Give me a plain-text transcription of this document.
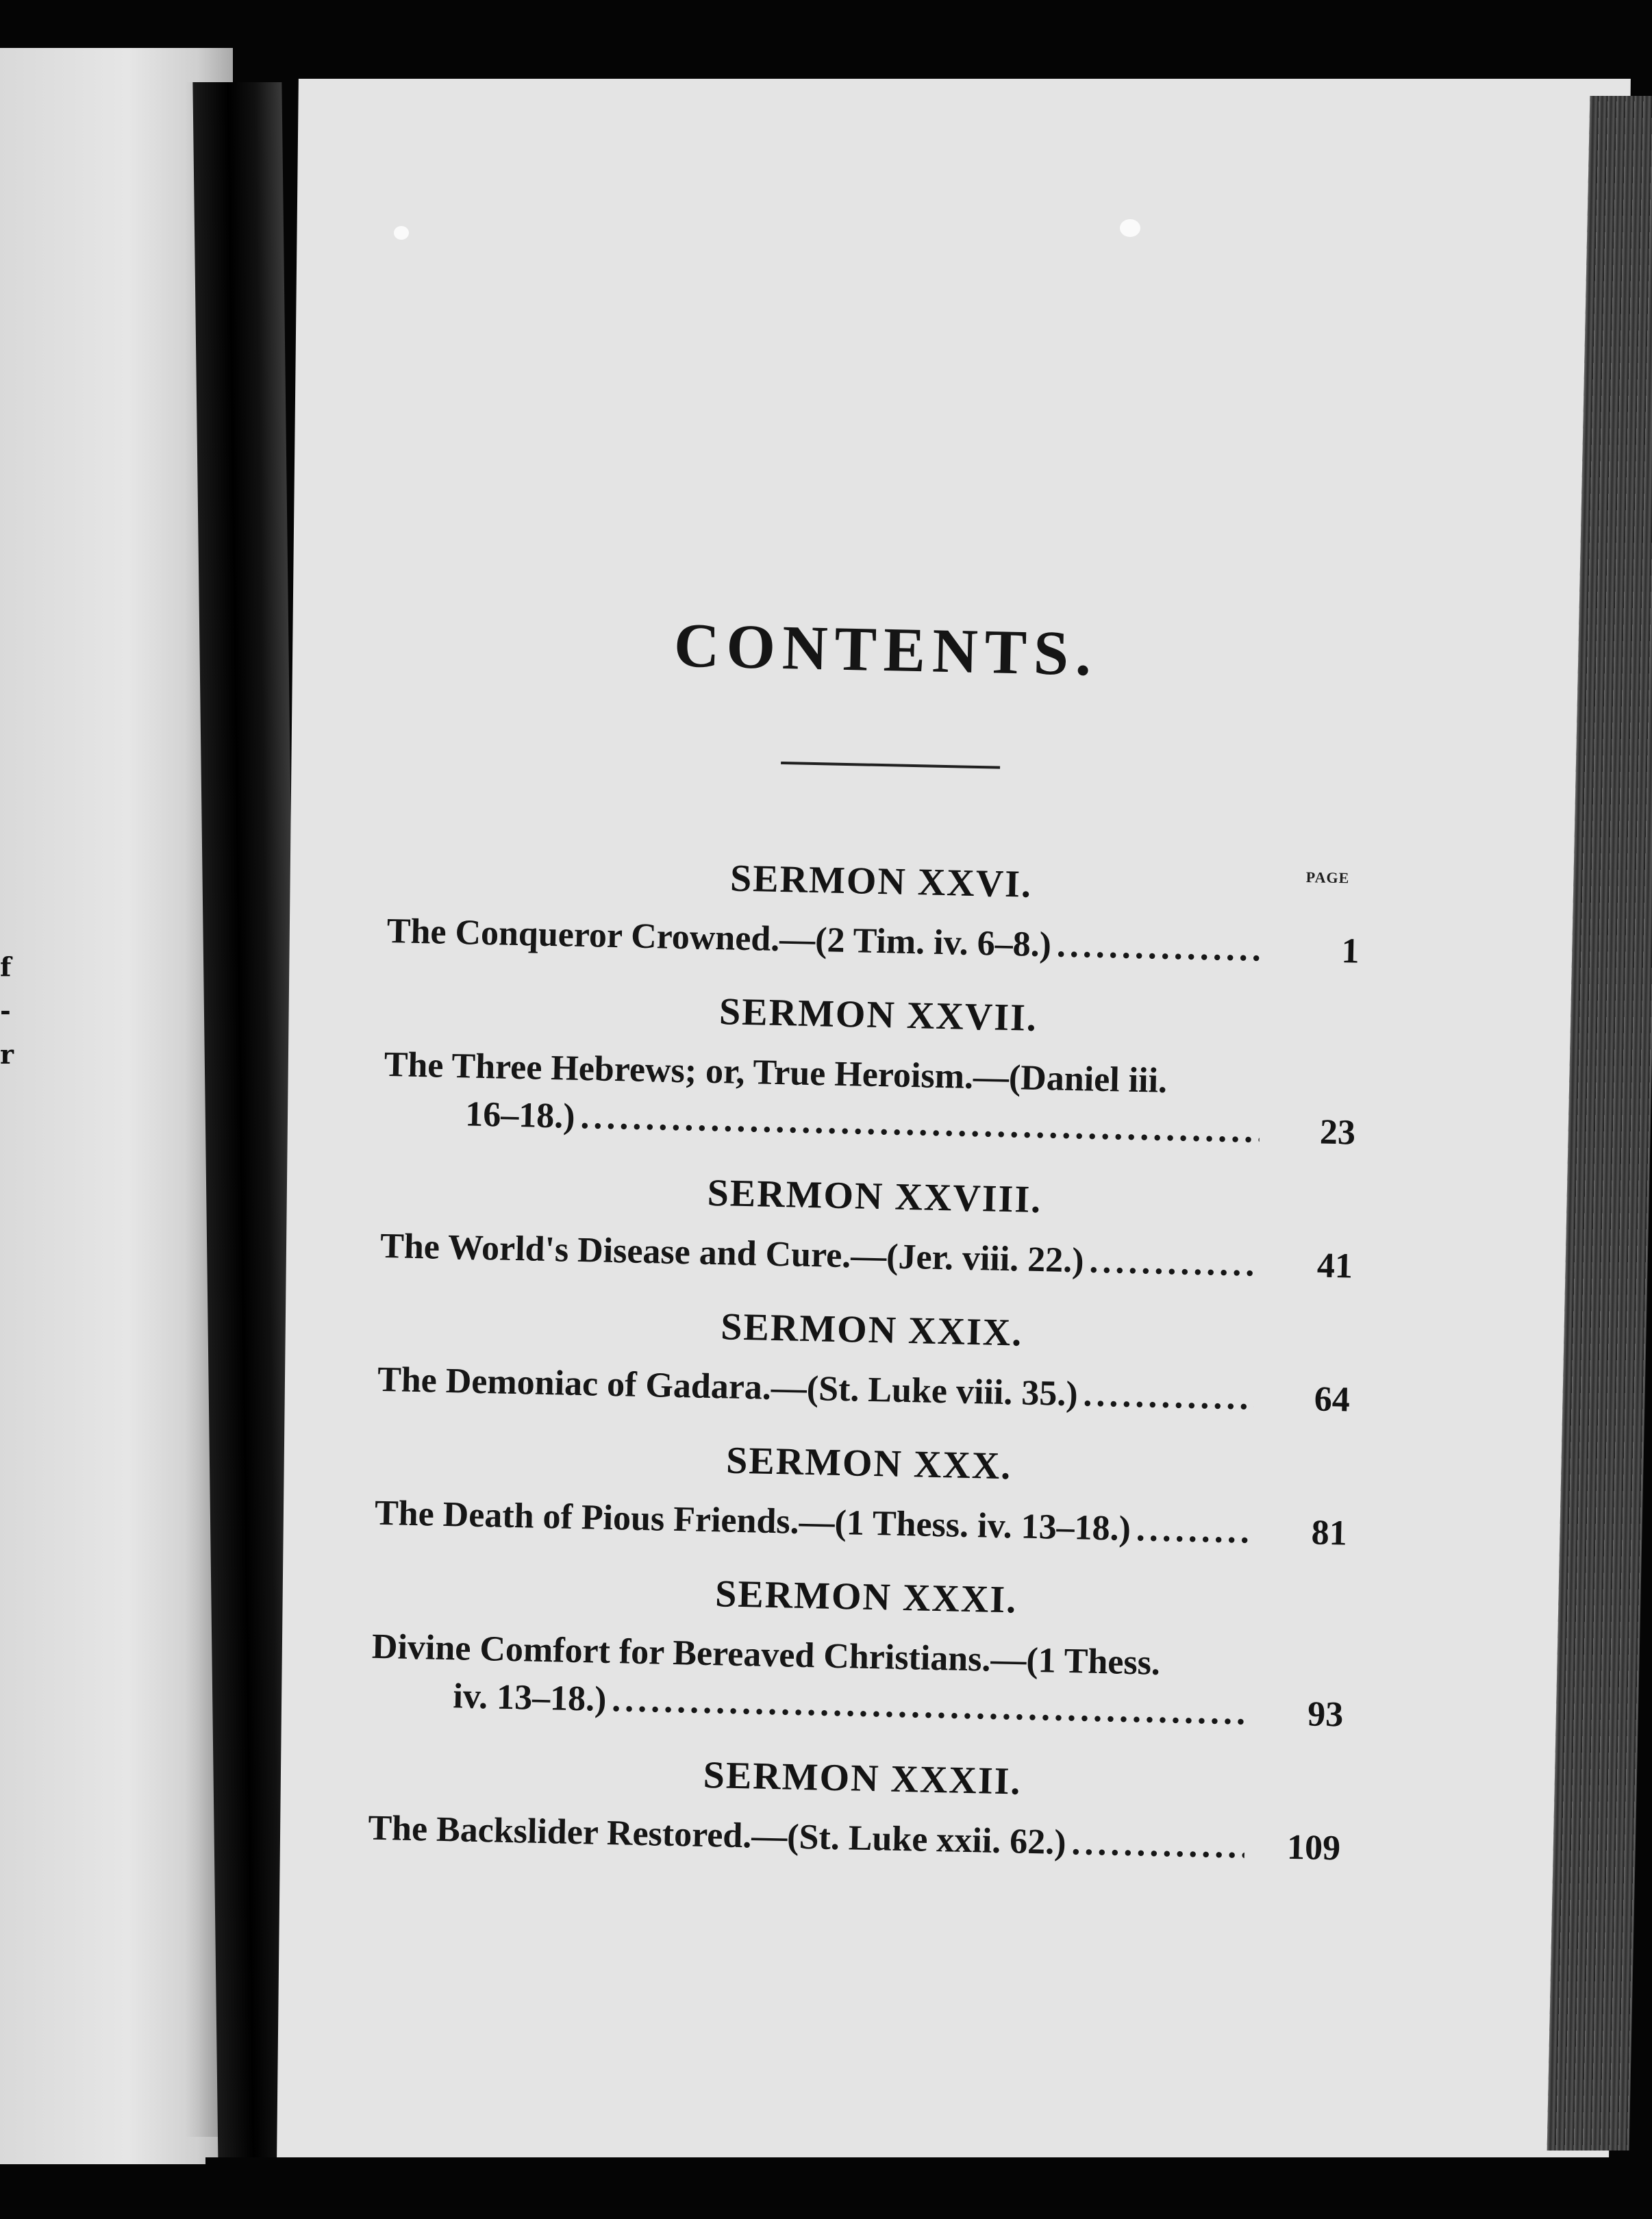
f
-
r
CONTENTS.
PAGE
SERMON XXVI.
The Conqueror Crowned.—(2 Tim. iv. 6–8.) .....	1
SERMON XXVII.
The Three Hebrews; or, True Heroism.—(Daniel iii.
16–18.) .....	23
SERMON XXVIII.
The World's Disease and Cure.—(Jer. viii. 22.) .....	41
SERMON XXIX.
The Demoniac of Gadara.—(St. Luke viii. 35.) .....	64
SERMON XXX.
The Death of Pious Friends.—(1 Thess. iv. 13–18.) .....	81
SERMON XXXI.
Divine Comfort for Bereaved Christians.—(1 Thess.
iv. 13–18.) .....	93
SERMON XXXII.
The Backslider Restored.—(St. Luke xxii. 62.) .....	109
